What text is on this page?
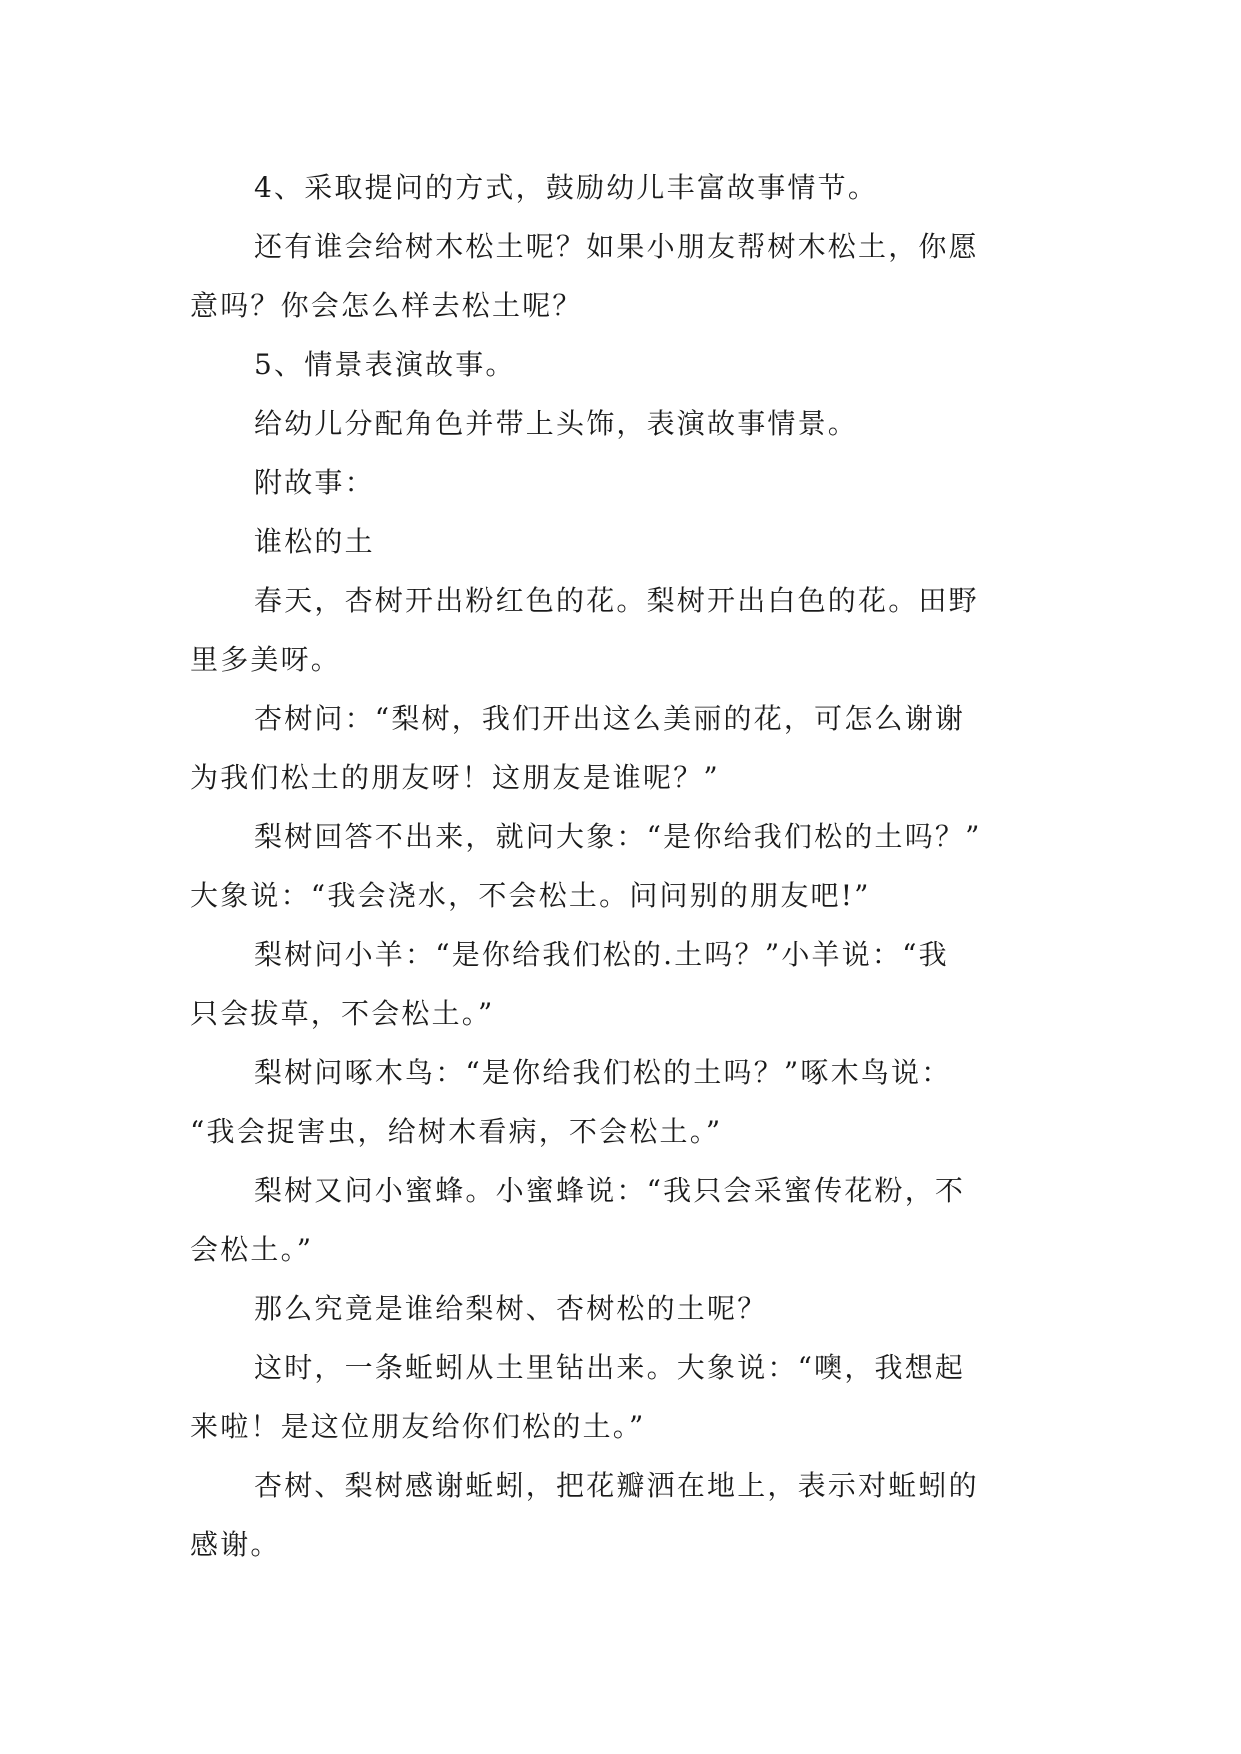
4、采取提问的方式，鼓励幼儿丰富故事情节。

还有谁会给树木松土呢？如果小朋友帮树木松土，你愿
意吗？你会怎么样去松土呢？

5、情景表演故事。

给幼儿分配角色并带上头饰，表演故事情景。

附故事：

谁松的土

春天，杏树开出粉红色的花。梨树开出白色的花。田野
里多美呀。

杏树问：“梨树，我们开出这么美丽的花，可怎么谢谢
为我们松土的朋友呀！这朋友是谁呢？”

梨树回答不出来，就问大象：“是你给我们松的土吗？”
大象说：“我会浇水，不会松土。问问别的朋友吧!”

梨树问小羊：“是你给我们松的.土吗？”小羊说：“我
只会拔草，不会松土。”

梨树问啄木鸟：“是你给我们松的土吗？”啄木鸟说：
“我会捉害虫，给树木看病，不会松土。”

梨树又问小蜜蜂。小蜜蜂说：“我只会采蜜传花粉，不
会松土。”

那么究竟是谁给梨树、杏树松的土呢？

这时，一条蚯蚓从土里钻出来。大象说：“噢，我想起
来啦！是这位朋友给你们松的土。”

杏树、梨树感谢蚯蚓，把花瓣洒在地上，表示对蚯蚓的
感谢。
